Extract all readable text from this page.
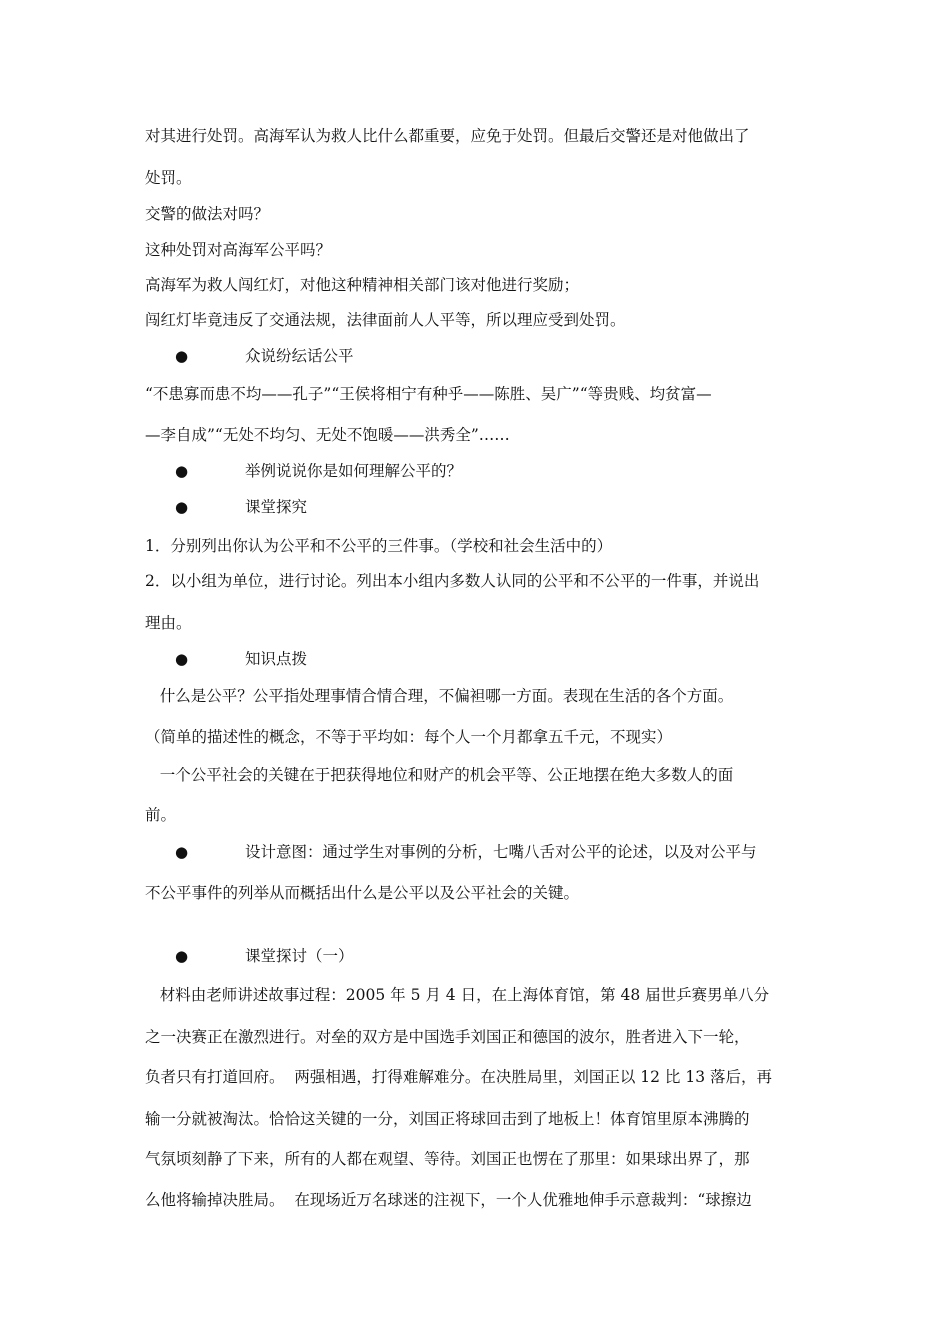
对其进行处罚。高海军认为救人比什么都重要，应免于处罚。但最后交警还是对他做出了
处罚。
交警的做法对吗？
这种处罚对高海军公平吗？
高海军为救人闯红灯，对他这种精神相关部门该对他进行奖励；
闯红灯毕竟违反了交通法规，法律面前人人平等，所以理应受到处罚。
●	众说纷纭话公平
“不患寡而患不均——孔子”“王侯将相宁有种乎——陈胜、吴广”“等贵贱、均贫富—
—李自成”“无处不均匀、无处不饱暖——洪秀全”……
●	举例说说你是如何理解公平的？
●	课堂探究
1．分别列出你认为公平和不公平的三件事。（学校和社会生活中的）
2．以小组为单位，进行讨论。列出本小组内多数人认同的公平和不公平的一件事，并说出
理由。
●	知识点拨
什么是公平？公平指处理事情合情合理，不偏袒哪一方面。表现在生活的各个方面。
（简单的描述性的概念，不等于平均如：每个人一个月都拿五千元，不现实）
一个公平社会的关键在于把获得地位和财产的机会平等、公正地摆在绝大多数人的面
前。
●	设计意图：通过学生对事例的分析，七嘴八舌对公平的论述，以及对公平与
不公平事件的列举从而概括出什么是公平以及公平社会的关键。
●	课堂探讨（一）
材料由老师讲述故事过程：2005 年 5 月 4 日，在上海体育馆，第 48 届世乒赛男单八分
之一决赛正在激烈进行。对垒的双方是中国选手刘国正和德国的波尔，胜者进入下一轮，
负者只有打道回府。  两强相遇，打得难解难分。在决胜局里，刘国正以 12 比 13 落后，再
输一分就被淘汰。恰恰这关键的一分，刘国正将球回击到了地板上！体育馆里原本沸腾的
气氛顷刻静了下来，所有的人都在观望、等待。刘国正也愣在了那里：如果球出界了，那
么他将输掉决胜局。  在现场近万名球迷的注视下，一个人优雅地伸手示意裁判：“球擦边
